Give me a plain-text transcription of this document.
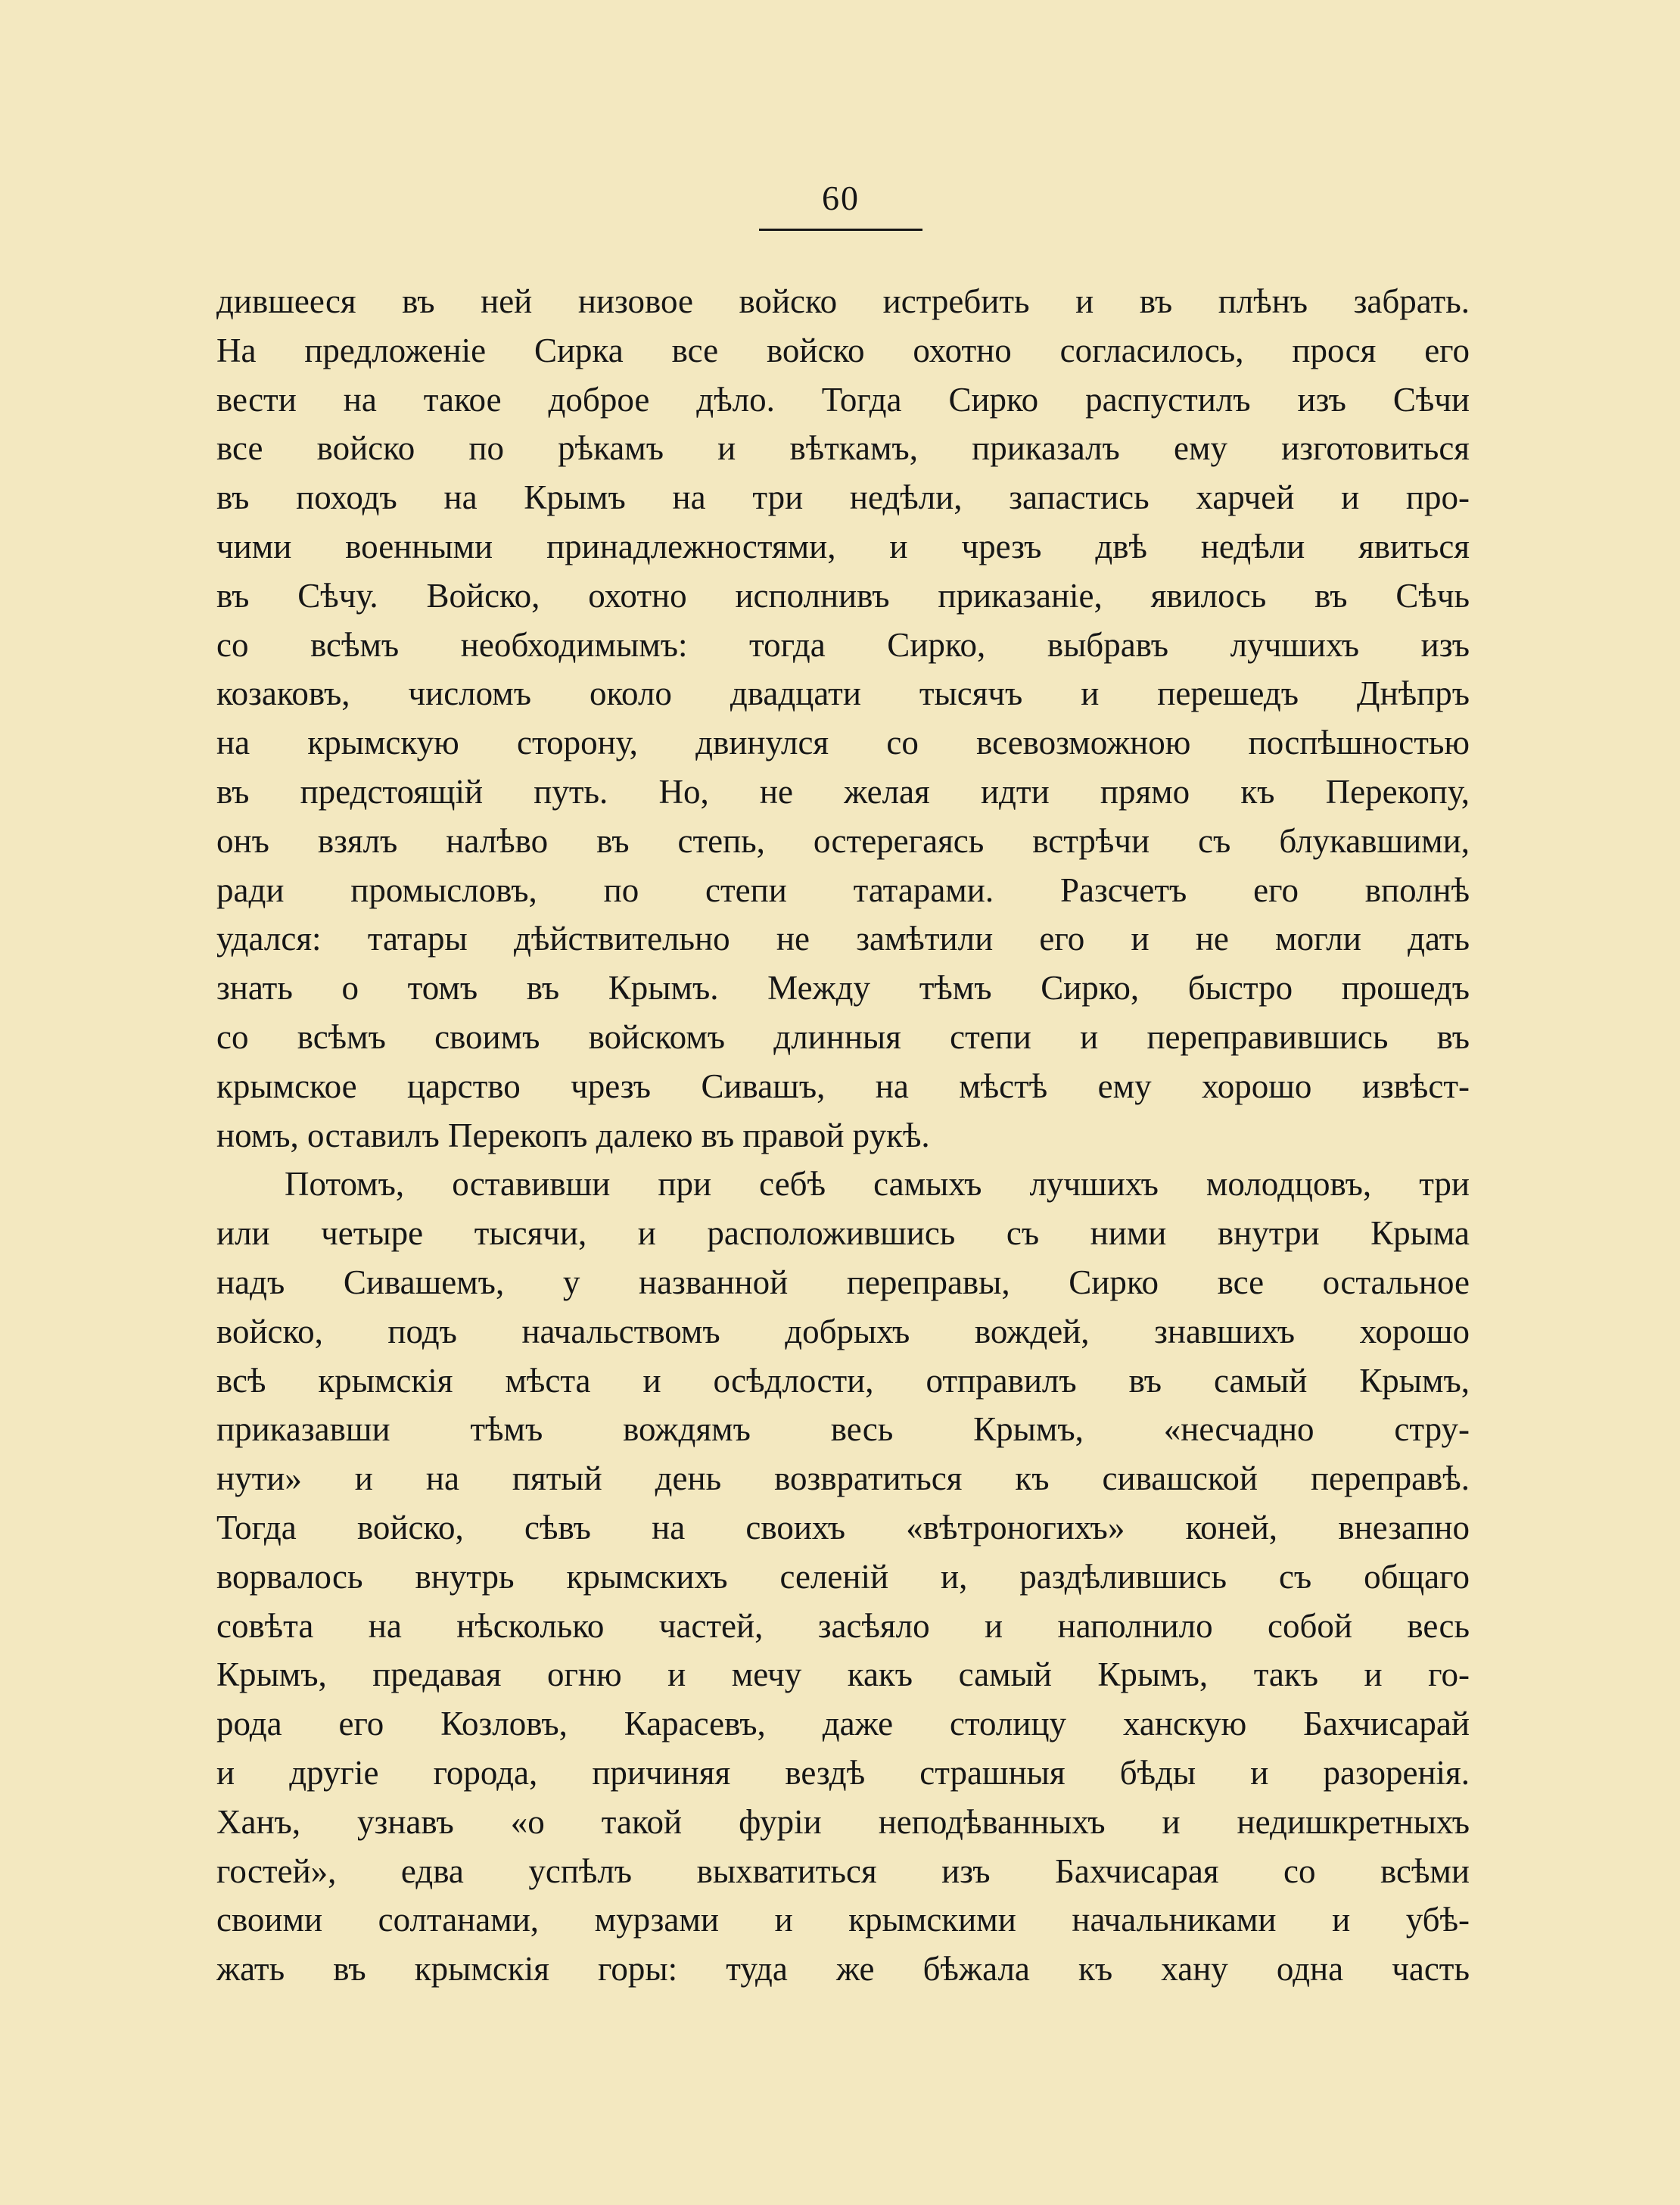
60
дившееся въ ней низовое войско истребить и въ плѣнъ забрать.
На предложеніе Сирка все войско охотно согласилось, прося его
вести на такое доброе дѣло. Тогда Сирко распустилъ изъ Сѣчи
все войско по рѣкамъ и вѣткамъ, приказалъ ему изготовиться
въ походъ на Крымъ на три недѣли, запастись харчей и про-
чими военными принадлежностями, и чрезъ двѣ недѣли явиться
въ Сѣчу. Войско, охотно исполнивъ приказаніе, явилось въ Сѣчь
со всѣмъ необходимымъ: тогда Сирко, выбравъ лучшихъ изъ
козаковъ, числомъ около двадцати тысячъ и перешедъ Днѣпръ
на крымскую сторону, двинулся со всевозможною поспѣшностью
въ предстоящій путь. Но, не желая идти прямо къ Перекопу,
онъ взялъ налѣво въ степь, остерегаясь встрѣчи съ блукавшими,
ради промысловъ, по степи татарами. Разсчетъ его вполнѣ
удался: татары дѣйствительно не замѣтили его и не могли дать
знать о томъ въ Крымъ. Между тѣмъ Сирко, быстро прошедъ
со всѣмъ своимъ войскомъ длинныя степи и переправившись въ
крымское царство чрезъ Сивашъ, на мѣстѣ ему хорошо извѣст-
номъ, оставилъ Перекопъ далеко въ правой рукѣ.
Потомъ, оставивши при себѣ самыхъ лучшихъ молодцовъ, три
или четыре тысячи, и расположившись съ ними внутри Крыма
надъ Сивашемъ, у названной переправы, Сирко все остальное
войско, подъ начальствомъ добрыхъ вождей, знавшихъ хорошо
всѣ крымскія мѣста и осѣдлости, отправилъ въ самый Крымъ,
приказавши тѣмъ вождямъ весь Крымъ, «несчадно стру-
нути» и на пятый день возвратиться къ сивашской переправѣ.
Тогда войско, сѣвъ на своихъ «вѣтроногихъ» коней, внезапно
ворвалось внутрь крымскихъ селеній и, раздѣлившись съ общаго
совѣта на нѣсколько частей, засѣяло и наполнило собой весь
Крымъ, предавая огню и мечу какъ самый Крымъ, такъ и го-
рода его Козловъ, Карасевъ, даже столицу ханскую Бахчисарай
и другіе города, причиняя вездѣ страшныя бѣды и разоренія.
Ханъ, узнавъ «о такой фуріи неподѣванныхъ и недишкретныхъ
гостей», едва успѣлъ выхватиться изъ Бахчисарая со всѣми
своими солтанами, мурзами и крымскими начальниками и убѣ-
жать въ крымскія горы: туда же бѣжала къ хану одна часть
